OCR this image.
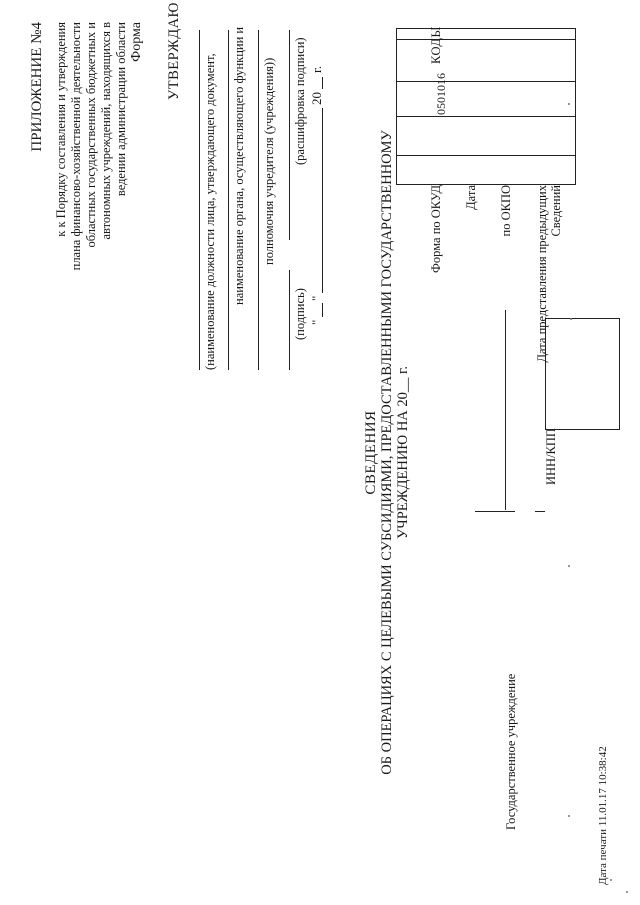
ПРИЛОЖЕНИЕ №4 к к Порядку составления и утверждения плана финансово-хозяйственной деятельности областных государственных бюджетных и автономных учреждений, находящихся в ведении администрации области Форма УТВЕРЖДАЮ
(наименование должности лица, утверждающего документ, наименование органа, осуществляющего функции и полномочия учредителя (учреждения))
(подпись)
(расшифровка подписи)
"
"
20
г.
СВЕДЕНИЯ ОБ ОПЕРАЦИЯХ С ЦЕЛЕВЫМИ СУБСИДИЯМИ, ПРЕДОСТАВЛЕННЫМИ ГОСУДАРСТВЕННОМУ УЧРЕЖДЕНИЮ НА 20__ г.
Форма по ОКУД Дата по ОКПО
Дата представления предыдущих
Сведений
КОДЫ
0501016
ИНН/КПП
Государственное учреждение	Дата печати 11.01.17 10:38:42
